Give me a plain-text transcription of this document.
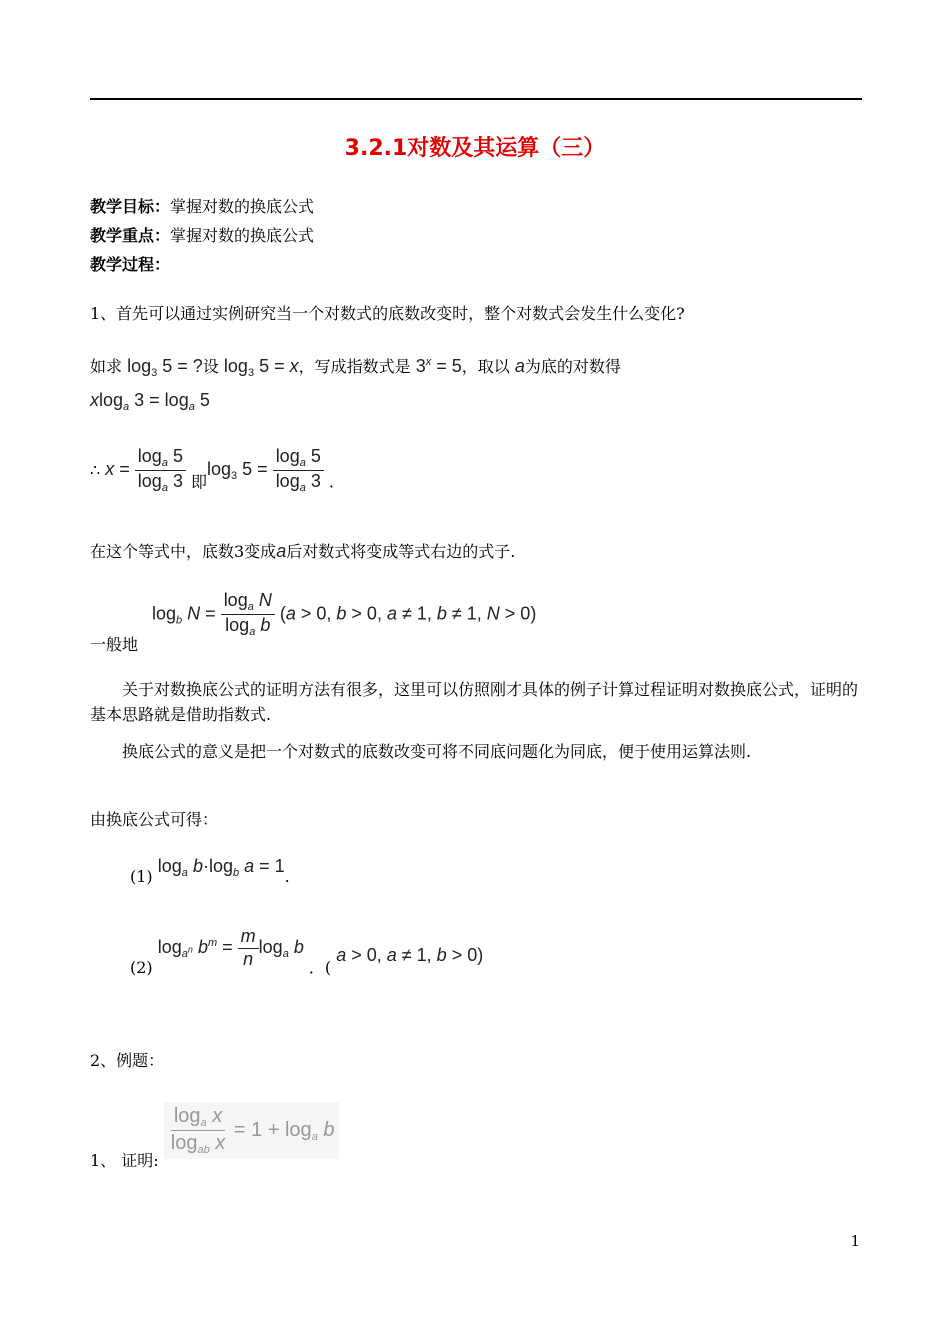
3.2.1对数及其运算（三）
教学目标：掌握对数的换底公式
教学重点：掌握对数的换底公式
教学过程：
1、首先可以通过实例研究当一个对数式的底数改变时，整个对数式会发生什么变化?
如求 $\log_3 5$ = ?设 $\log_3 5 = x$，写成指数式是 $3^x = 5$，取以 a为底的对数得
xlog$_a$ $3 = \log_a 5$
∴ $x = \frac{\log_a 5}{\log_a 3}$ 即$\log_3 5 = \frac{\log_a 5}{\log_a 3}$ .
在这个等式中，底数3变成a后对数式将变成等式右边的式子.
$\log_b N = \frac{\log_a N}{\log_a b} (a > 0$, b > 0, a ≠ 1, b ≠ 1, N > 0)
一般地
关于对数换底公式的证明方法有很多，这里可以仿照刚才具体的例子计算过程证明对数换底公式，证明的基本思路就是借助指数式.
换底公式的意义是把一个对数式的底数改变可将不同底问题化为同底，便于使用运算法则.
由换底公式可得：
(1) $\log_a b\cdot\log_b$ a = 1.
(2) $\log_{a^n} b^m = \frac{m}{n} \log_a b$ ．( a > 0, a ≠ 1, b > 0)
2、例题：
1、 证明:
$\frac{\log_a x}{\log_{ab} x} = 1 + \log_a b$
1
